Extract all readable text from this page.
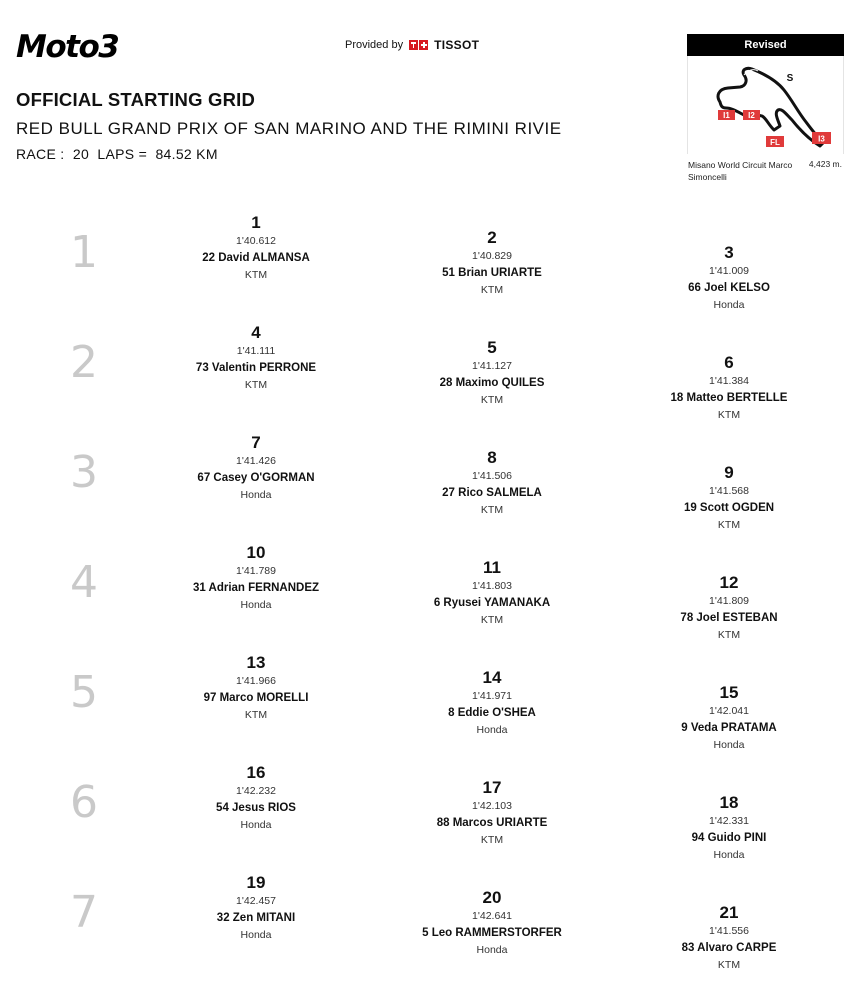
Moto3	Provided by	TISSOT
OFFICIAL STARTING GRID
RED BULL GRAND PRIX OF SAN MARINO AND THE RIMINI RIVIE
RACE :  20  LAPS =  84.52 KM
Revised
I1 I2
FL
S
I3
Misano World Circuit Marco Simoncelli
4,423 m.
1
2
3
4
5
6
7
1
1'40.612
22 David ALMANSA
KTM
4
1'41.111
73 Valentin PERRONE
KTM
7
1'41.426
67 Casey O'GORMAN
Honda
10
1'41.789
31 Adrian FERNANDEZ
Honda
13
1'41.966
97 Marco MORELLI
KTM
16
1'42.232
54 Jesus RIOS
Honda
19
1'42.457
32 Zen MITANI
Honda
2
1'40.829
51 Brian URIARTE
KTM
5
1'41.127
28 Maximo QUILES
KTM
8
1'41.506
27 Rico SALMELA
KTM
11
1'41.803
6 Ryusei YAMANAKA
KTM
14
1'41.971
8 Eddie O'SHEA
Honda
17
1'42.103
88 Marcos URIARTE
KTM
20
1'42.641
5 Leo RAMMERSTORFER
Honda
3
1'41.009
66 Joel KELSO
Honda
6
1'41.384
18 Matteo BERTELLE
KTM
9
1'41.568
19 Scott OGDEN
KTM
12
1'41.809
78 Joel ESTEBAN
KTM
15
1'42.041
9 Veda PRATAMA
Honda
18
1'42.331
94 Guido PINI
Honda
21
1'41.556
83 Alvaro CARPE
KTM
